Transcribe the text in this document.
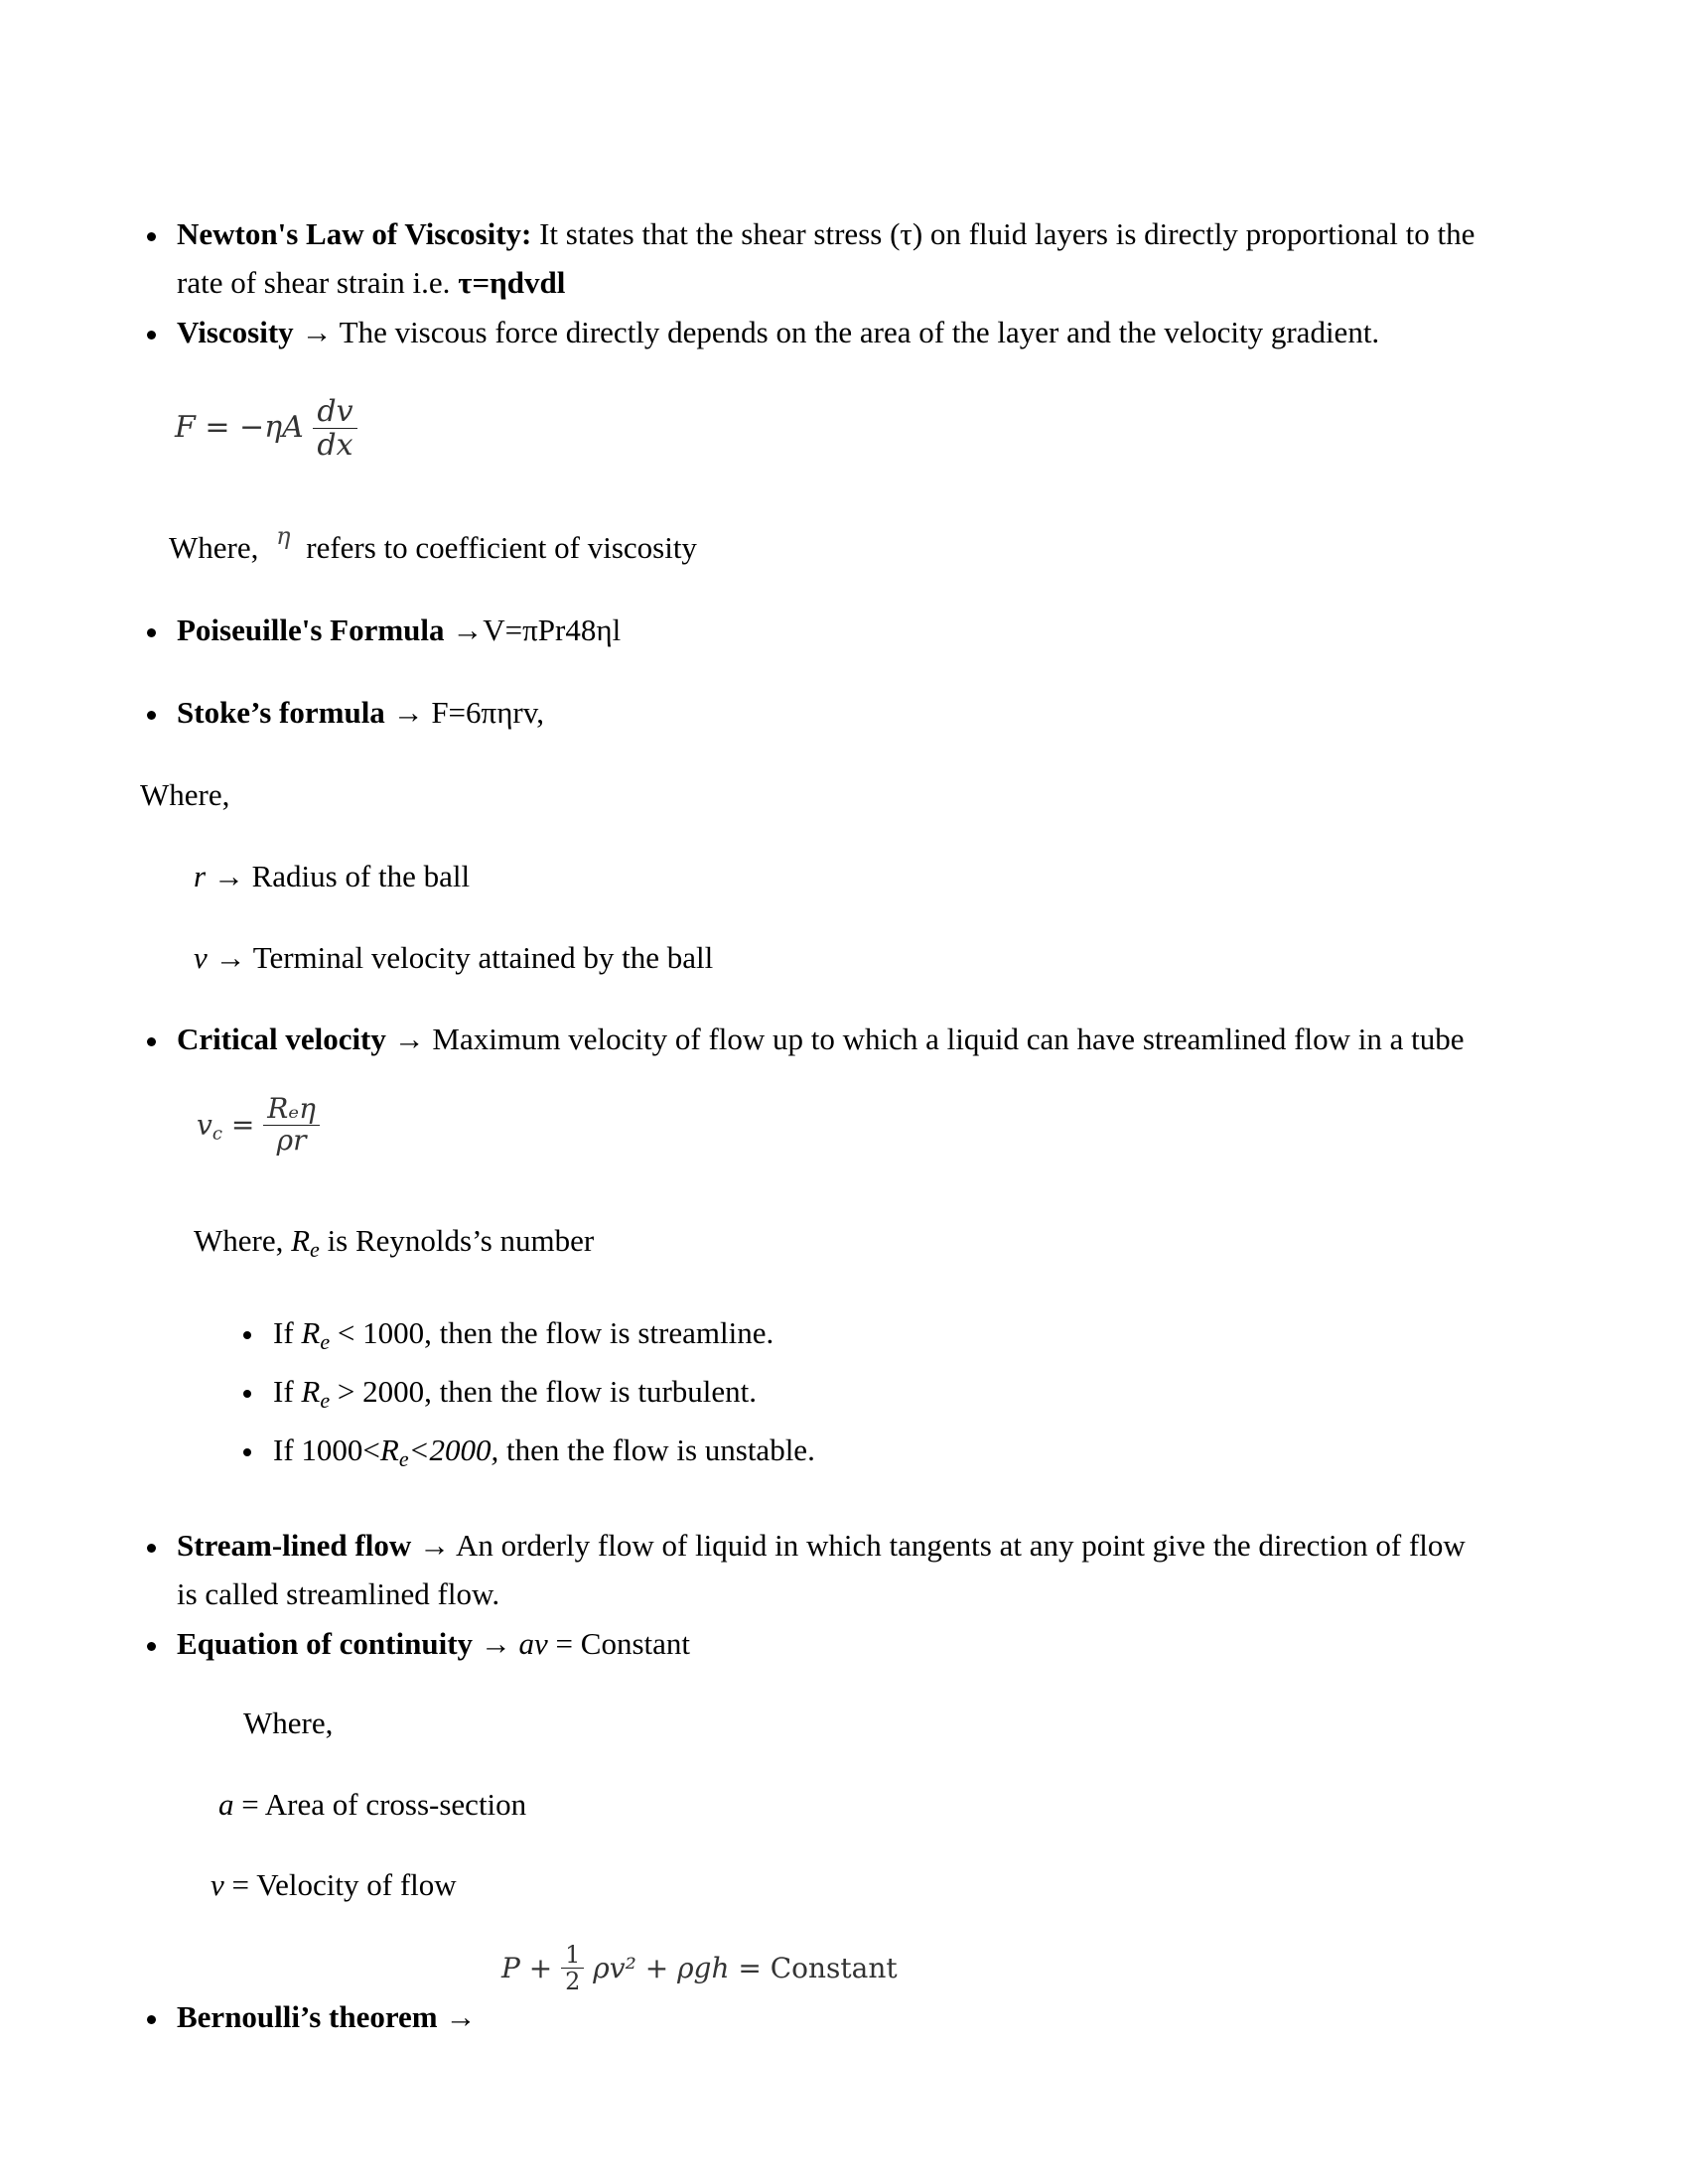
Newton's Law of Viscosity: It states that the shear stress (τ) on fluid layers is directly proportional to the
rate of shear strain i.e. τ=ηdvdl
Viscosity → The viscous force directly depends on the area of the layer and the velocity gradient.
$F = -\eta A \frac{dv}{dx}$
Where, $^\eta$ refers to coefficient of viscosity
Poiseuille's Formula →V=πPr48ηl
Stoke’s formula → F=6πηrv,
Where,
r → Radius of the ball
v → Terminal velocity attained by the ball
Critical velocity → Maximum velocity of flow up to which a liquid can have streamlined flow in a tube
$v_c = \frac{\text{Rₑη}}{\rho r}$
Where, $R_e$ is Reynolds’s number
If $R_e < 1000$, then the flow is streamline.
If $R_e > 2000$, then the flow is turbulent.
If $1000<R_e<2000$, then the flow is unstable.
Stream-lined flow → An orderly flow of liquid in which tangents at any point give the direction of flow
is called streamlined flow.
Equation of continuity → av = Constant
Where,
a = Area of cross-section
v = Velocity of flow
Bernoulli’s theorem →
$P + \frac{1}{2} \rho v^2 + \rho gh$ = Constant
